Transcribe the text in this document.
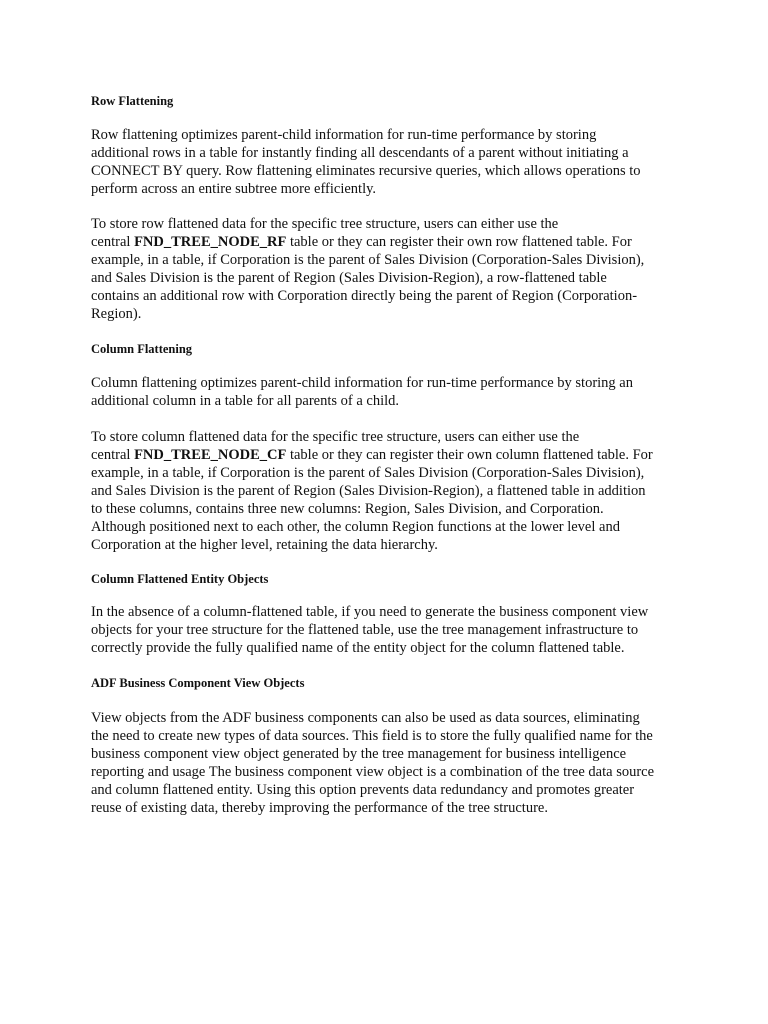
Row Flattening
Row flattening optimizes parent-child information for run-time performance by storing
additional rows in a table for instantly finding all descendants of a parent without initiating a
CONNECT BY query. Row flattening eliminates recursive queries, which allows operations to
perform across an entire subtree more efficiently.
To store row flattened data for the specific tree structure, users can either use the
central FND_TREE_NODE_RF table or they can register their own row flattened table. For
example, in a table, if Corporation is the parent of Sales Division (Corporation-Sales Division),
and Sales Division is the parent of Region (Sales Division-Region), a row-flattened table
contains an additional row with Corporation directly being the parent of Region (Corporation-
Region).
Column Flattening
Column flattening optimizes parent-child information for run-time performance by storing an
additional column in a table for all parents of a child.
To store column flattened data for the specific tree structure, users can either use the
central FND_TREE_NODE_CF table or they can register their own column flattened table. For
example, in a table, if Corporation is the parent of Sales Division (Corporation-Sales Division),
and Sales Division is the parent of Region (Sales Division-Region), a flattened table in addition
to these columns, contains three new columns: Region, Sales Division, and Corporation.
Although positioned next to each other, the column Region functions at the lower level and
Corporation at the higher level, retaining the data hierarchy.
Column Flattened Entity Objects
In the absence of a column-flattened table, if you need to generate the business component view
objects for your tree structure for the flattened table, use the tree management infrastructure to
correctly provide the fully qualified name of the entity object for the column flattened table.
ADF Business Component View Objects
View objects from the ADF business components can also be used as data sources, eliminating
the need to create new types of data sources. This field is to store the fully qualified name for the
business component view object generated by the tree management for business intelligence
reporting and usage The business component view object is a combination of the tree data source
and column flattened entity. Using this option prevents data redundancy and promotes greater
reuse of existing data, thereby improving the performance of the tree structure.
